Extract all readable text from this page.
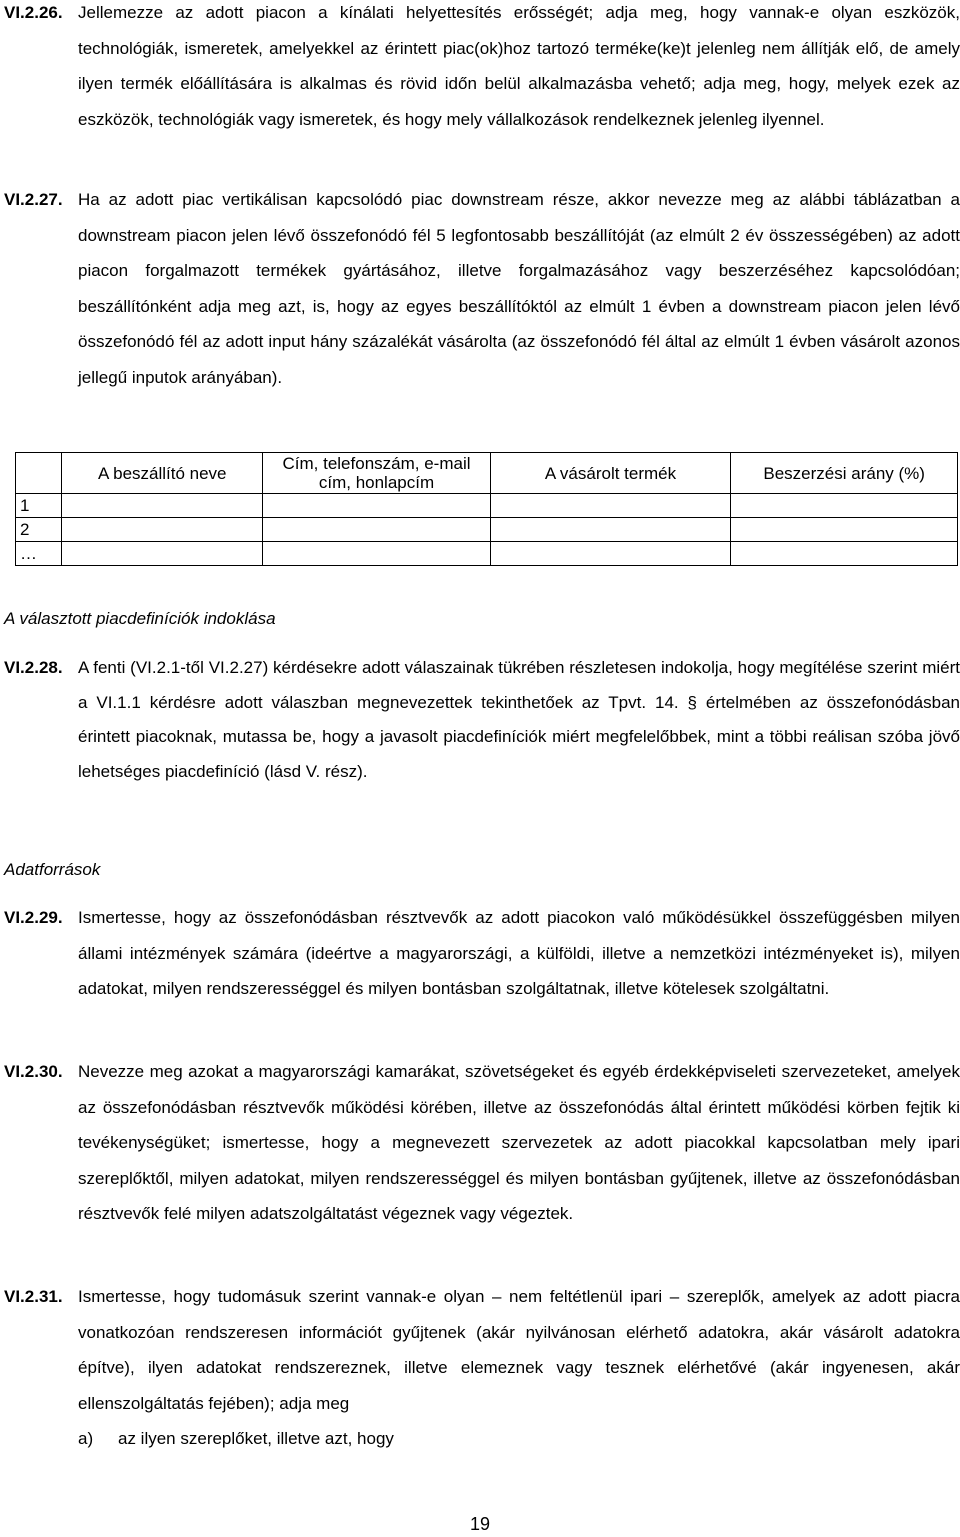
VI.2.26. Jellemezze az adott piacon a kínálati helyettesítés erősségét; adja meg, hogy vannak-e olyan eszközök, technológiák, ismeretek, amelyekkel az érintett piac(ok)hoz tartozó terméke(ke)t jelenleg nem állítják elő, de amely ilyen termék előállítására is alkalmas és rövid időn belül alkalmazásba vehető; adja meg, hogy, melyek ezek az eszközök, technológiák vagy ismeretek, és hogy mely vállalkozások rendelkeznek jelenleg ilyennel.
VI.2.27. Ha az adott piac vertikálisan kapcsolódó piac downstream része, akkor nevezze meg az alábbi táblázatban a downstream piacon jelen lévő összefonódó fél 5 legfontosabb beszállítóját (az elmúlt 2 év összességében) az adott piacon forgalmazott termékek gyártásához, illetve forgalmazásához vagy beszerzéséhez kapcsolódóan; beszállítónként adja meg azt, is, hogy az egyes beszállítóktól az elmúlt 1 évben a downstream piacon jelen lévő összefonódó fél az adott input hány százalékát vásárolta (az összefonódó fél által az elmúlt 1 évben vásárolt azonos jellegű inputok arányában).
	A beszállító neve	Cím, telefonszám, e-mail cím, honlapcím	A vásárolt termék	Beszerzési arány (%)
1				
2				
…				
A választott piacdefiníciók indoklása
VI.2.28. A fenti (VI.2.1-től VI.2.27) kérdésekre adott válaszainak tükrében részletesen indokolja, hogy megítélése szerint miért a VI.1.1 kérdésre adott válaszban megnevezettek tekinthetőek az Tpvt. 14. § értelmében az összefonódásban érintett piacoknak, mutassa be, hogy a javasolt piacdefiníciók miért megfelelőbbek, mint a többi reálisan szóba jövő lehetséges piacdefiníció (lásd V. rész).
Adatforrások
VI.2.29. Ismertesse, hogy az összefonódásban résztvevők az adott piacokon való működésükkel összefüggésben milyen állami intézmények számára (ideértve a magyarországi, a külföldi, illetve a nemzetközi intézményeket is), milyen adatokat, milyen rendszerességgel és milyen bontásban szolgáltatnak, illetve kötelesek szolgáltatni.
VI.2.30. Nevezze meg azokat a magyarországi kamarákat, szövetségeket és egyéb érdekképviseleti szervezeteket, amelyek az összefonódásban résztvevők működési körében, illetve az összefonódás által érintett működési körben fejtik ki tevékenységüket; ismertesse, hogy a megnevezett szervezetek az adott piacokkal kapcsolatban mely ipari szereplőktől, milyen adatokat, milyen rendszerességgel és milyen bontásban gyűjtenek, illetve az összefonódásban résztvevők felé milyen adatszolgáltatást végeznek vagy végeztek.
VI.2.31. Ismertesse, hogy tudomásuk szerint vannak-e olyan – nem feltétlenül ipari – szereplők, amelyek az adott piacra vonatkozóan rendszeresen információt gyűjtenek (akár nyilvánosan elérhető adatokra, akár vásárolt adatokra építve), ilyen adatokat rendszereznek, illetve elemeznek vagy tesznek elérhetővé (akár ingyenesen, akár ellenszolgáltatás fejében); adja meg
a) az ilyen szereplőket, illetve azt, hogy
19
